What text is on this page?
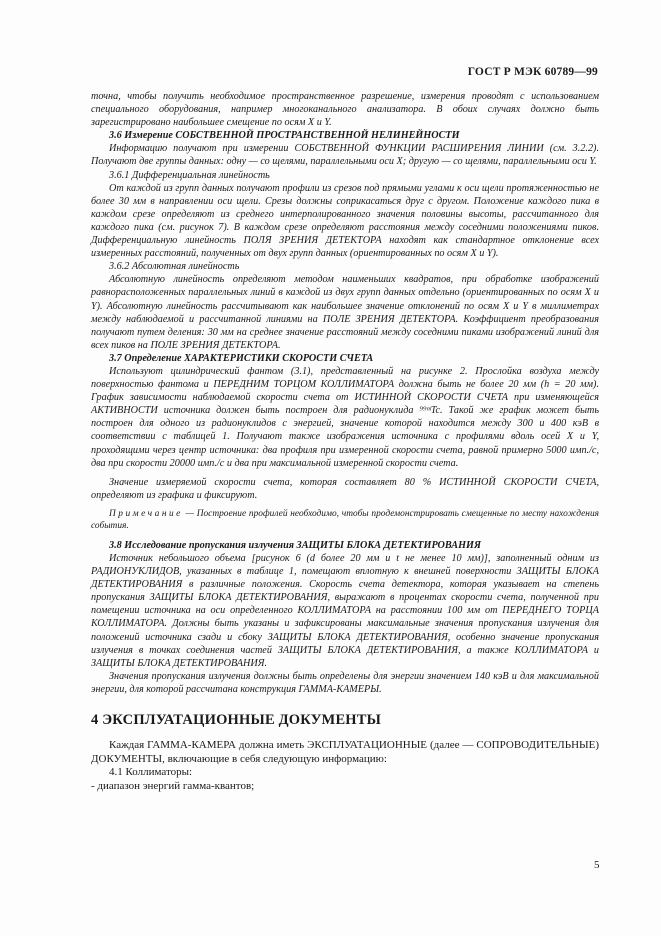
ГОСТ Р МЭК 60789—99

точна, чтобы получить необходимое пространственное разрешение, измерения проводят с использованием специального оборудования, например многоканального анализатора. В обоих случаях должно быть зарегистрировано наибольшее смещение по осям X и Y.

3.6 Измерение СОБСТВЕННОЙ ПРОСТРАНСТВЕННОЙ НЕЛИНЕЙНОСТИ

Информацию получают при измерении СОБСТВЕННОЙ ФУНКЦИИ РАСШИРЕНИЯ ЛИНИИ (см. 3.2.2). Получают две группы данных: одну — со щелями, параллельными оси X; другую — со щелями, параллельными оси Y.

3.6.1 Дифференциальная линейность

От каждой из групп данных получают профили из срезов под прямыми углами к оси щели протяженностью не более 30 мм в направлении оси щели. Срезы должны соприкасаться друг с другом. Положение каждого пика в каждом срезе определяют из среднего интерполированного значения половины высоты, рассчитанного для каждого пика (см. рисунок 7). В каждом срезе определяют расстояния между соседними положениями пиков. Дифференциальную линейность ПОЛЯ ЗРЕНИЯ ДЕТЕКТОРА находят как стандартное отклонение всех измеренных расстояний, полученных от двух групп данных (ориентированных по осям X и Y).

3.6.2 Абсолютная линейность

Абсолютную линейность определяют методом наименьших квадратов, при обработке изображений равнорасположенных параллельных линий в каждой из двух групп данных отдельно (ориентированных по осям X и Y). Абсолютную линейность рассчитывают как наибольшее значение отклонений по осям X и Y в миллиметрах между наблюдаемой и рассчитанной линиями на ПОЛЕ ЗРЕНИЯ ДЕТЕКТОРА. Коэффициент преобразования получают путем деления: 30 мм на среднее значение расстояний между соседними пиками изображений линий для всех пиков на ПОЛЕ ЗРЕНИЯ ДЕТЕКТОРА.

3.7 Определение ХАРАКТЕРИСТИКИ СКОРОСТИ СЧЕТА

Используют цилиндрический фантом (3.1), представленный на рисунке 2. Прослойка воздуха между поверхностью фантома и ПЕРЕДНИМ ТОРЦОМ КОЛЛИМАТОРА должна быть не более 20 мм (h = 20 мм). График зависимости наблюдаемой скорости счета от ИСТИННОЙ СКОРОСТИ СЧЕТА при изменяющейся АКТИВНОСТИ источника должен быть построен для радионуклида ⁹⁹ᵐTc. Такой же график может быть построен для одного из радионуклидов с энергией, значение которой находится между 300 и 400 кэВ в соответствии с таблицей 1. Получают также изображения источника с профилями вдоль осей X и Y, проходящими через центр источника: два профиля при измеренной скорости счета, равной примерно 5000 имп./с, два при скорости 20000 имп./с и два при максимальной измеренной скорости счета.

Значение измеряемой скорости счета, которая составляет 80 % ИСТИННОЙ СКОРОСТИ СЧЕТА, определяют из графика и фиксируют.

Примечание — Построение профилей необходимо, чтобы продемонстрировать смещенные по месту нахождения события.

3.8 Исследование пропускания излучения ЗАЩИТЫ БЛОКА ДЕТЕКТИРОВАНИЯ

Источник небольшого объема [рисунок 6 (d более 20 мм и t не менее 10 мм)], заполненный одним из РАДИОНУКЛИДОВ, указанных в таблице 1, помещают вплотную к внешней поверхности ЗАЩИТЫ БЛОКА ДЕТЕКТИРОВАНИЯ в различные положения. Скорость счета детектора, которая указывает на степень пропускания ЗАЩИТЫ БЛОКА ДЕТЕКТИРОВАНИЯ, выражают в процентах скорости счета, полученной при помещении источника на оси определенного КОЛЛИМАТОРА на расстоянии 100 мм от ПЕРЕДНЕГО ТОРЦА КОЛЛИМАТОРА. Должны быть указаны и зафиксированы максимальные значения пропускания излучения для положений источника сзади и сбоку ЗАЩИТЫ БЛОКА ДЕТЕКТИРОВАНИЯ, особенно значение пропускания излучения в точках соединения частей ЗАЩИТЫ БЛОКА ДЕТЕКТИРОВАНИЯ, а также КОЛЛИМАТОРА и ЗАЩИТЫ БЛОКА ДЕТЕКТИРОВАНИЯ.

Значения пропускания излучения должны быть определены для энергии значением 140 кэВ и для максимальной энергии, для которой рассчитана конструкция ГАММА-КАМЕРЫ.

4 ЭКСПЛУАТАЦИОННЫЕ ДОКУМЕНТЫ

Каждая ГАММА-КАМЕРА должна иметь ЭКСПЛУАТАЦИОННЫЕ (далее — СОПРОВОДИТЕЛЬНЫЕ) ДОКУМЕНТЫ, включающие в себя следующую информацию:

4.1 Коллиматоры:

- диапазон энергий гамма-квантов;

5
